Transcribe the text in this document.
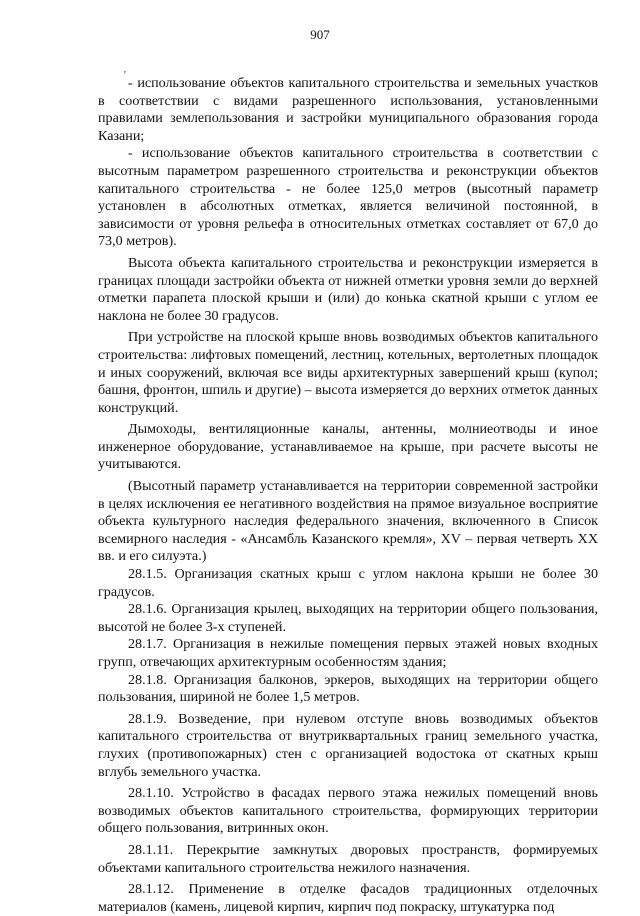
907
' - использование объектов капитального строительства и земельных участков в соответствии с видами разрешенного использования, установленными правилами землепользования и застройки муниципального образования города Казани;

- использование объектов капитального строительства в соответствии с высотным параметром разрешенного строительства и реконструкции объектов капитального строительства - не более 125,0 метров (высотный параметр установлен в абсолютных отметках, является величиной постоянной, в зависимости от уровня рельефа в относительных отметках составляет от 67,0 до 73,0 метров).

Высота объекта капитального строительства и реконструкции измеряется в границах площади застройки объекта от нижней отметки уровня земли до верхней отметки парапета плоской крыши и (или) до конька скатной крыши с углом ее наклона не более 30 градусов.

При устройстве на плоской крыше вновь возводимых объектов капитального строительства: лифтовых помещений, лестниц, котельных, вертолетных площадок и иных сооружений, включая все виды архитектурных завершений крыш (купол; башня, фронтон, шпиль и другие) – высота измеряется до верхних отметок данных конструкций.

Дымоходы, вентиляционные каналы, антенны, молниеотводы и иное инженерное оборудование, устанавливаемое на крыше, при расчете высоты не учитываются.

(Высотный параметр устанавливается на территории современной застройки в целях исключения ее негативного воздействия на прямое визуальное восприятие объекта культурного наследия федерального значения, включенного в Список всемирного наследия - «Ансамбль Казанского кремля», XV – первая четверть XX вв. и его силуэта.)

28.1.5. Организация скатных крыш с углом наклона крыши не более 30 градусов.

28.1.6. Организация крылец, выходящих на территории общего пользования, высотой не более 3-х ступеней.

28.1.7. Организация в нежилые помещения первых этажей новых входных групп, отвечающих архитектурным особенностям здания;

28.1.8. Организация балконов, эркеров, выходящих на территории общего пользования, шириной не более 1,5 метров.

28.1.9. Возведение, при нулевом отступе вновь возводимых объектов капитального строительства от внутриквартальных границ земельного участка, глухих (противопожарных) стен с организацией водостока от скатных крыш вглубь земельного участка.

28.1.10. Устройство в фасадах первого этажа нежилых помещений вновь возводимых объектов капитального строительства, формирующих территории общего пользования, витринных окон.

28.1.11. Перекрытие замкнутых дворовых пространств, формируемых объектами капитального строительства нежилого назначения.

28.1.12. Применение в отделке фасадов традиционных отделочных материалов (камень, лицевой кирпич, кирпич под покраску, штукатурка под
